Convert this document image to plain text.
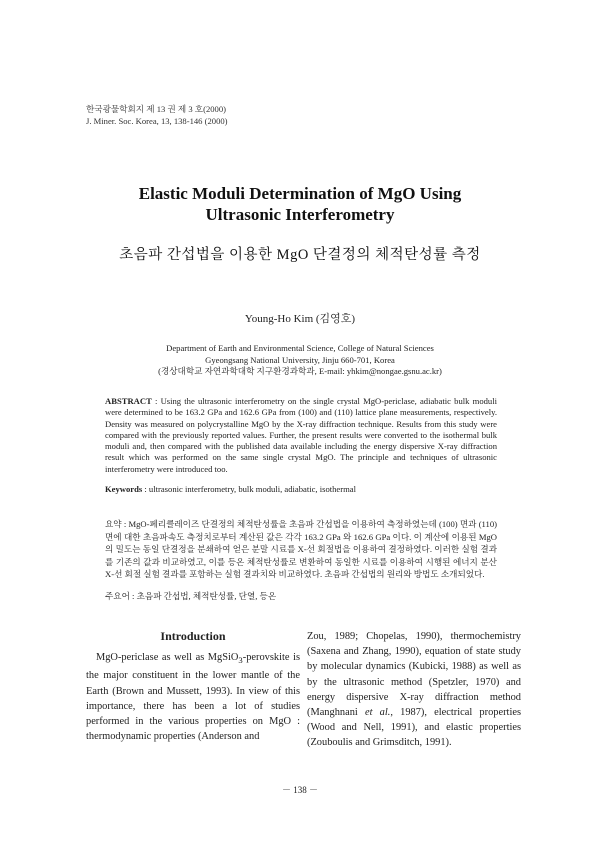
한국광물학회지 제 13 권 제 3 호(2000)
J. Miner. Soc. Korea, 13, 138-146 (2000)
Elastic Moduli Determination of MgO Using
Ultrasonic Interferometry
초음파 간섭법을 이용한 MgO 단결정의 체적탄성률 측정
Young-Ho Kim (김영호)
Department of Earth and Environmental Science, College of Natural Sciences
Gyeongsang National University, Jinju 660-701, Korea
(경상대학교 자연과학대학 지구환경과학과, E-mail: yhkim@nongae.gsnu.ac.kr)
ABSTRACT : Using the ultrasonic interferometry on the single crystal MgO-periclase, adiabatic bulk moduli were determined to be 163.2 GPa and 162.6 GPa from (100) and (110) lattice plane measurements, respectively. Density was measured on polycrystalline MgO by the X-ray diffraction technique. Results from this study were compared with the previously reported values. Further, the present results were converted to the isothermal bulk moduli and, then compared with the published data available including the energy dispersive X-ray diffraction result which was performed on the same single crystal MgO. The principle and techniques of ultrasonic interferometry were introduced too.
Keywords : ultrasonic interferometry, bulk moduli, adiabatic, isothermal
요약 : MgO-페리클레이즈 단결정의 체적탄성률을 초음파 간섭법을 이용하여 측정하였는데 (100) 면과 (110)면에 대한 초음파속도 측정치로부터 계산된 값은 각각 163.2 GPa 와 162.6 GPa 이다. 이 계산에 이용된 MgO의 밀도는 동일 단결정을 분쇄하여 얻은 분말 시료를 X-선 회절법을 이용하여 결정하였다. 이러한 실험 결과를 기존의 값과 비교하였고, 이를 등온 체적탄성률로 변환하여 동일한 시료를 이용하여 시행된 에너지 분산 X-선 회절 실험 결과를 포함하는 실험 결과치와 비교하였다. 초음파 간섭법의 원리와 방법도 소개되었다.
주요어 : 초음파 간섭법, 체적탄성률, 단열, 등온
Introduction

MgO-periclase as well as MgSiO$_3$-perovskite is the major constituent in the lower mantle of the Earth (Brown and Mussett, 1993). In view of this importance, there has been a lot of studies performed in the various properties on MgO : thermodynamic properties (Anderson and

Zou, 1989; Chopelas, 1990), thermochemistry (Saxena and Zhang, 1990), equation of state study by molecular dynamics (Kubicki, 1988) as well as by the ultrasonic method (Spetzler, 1970) and energy dispersive X-ray diffraction method (Manghnani et al., 1987), electrical properties (Wood and Nell, 1991), and elastic properties (Zouboulis and Grimsditch, 1991).

－ 138 －
